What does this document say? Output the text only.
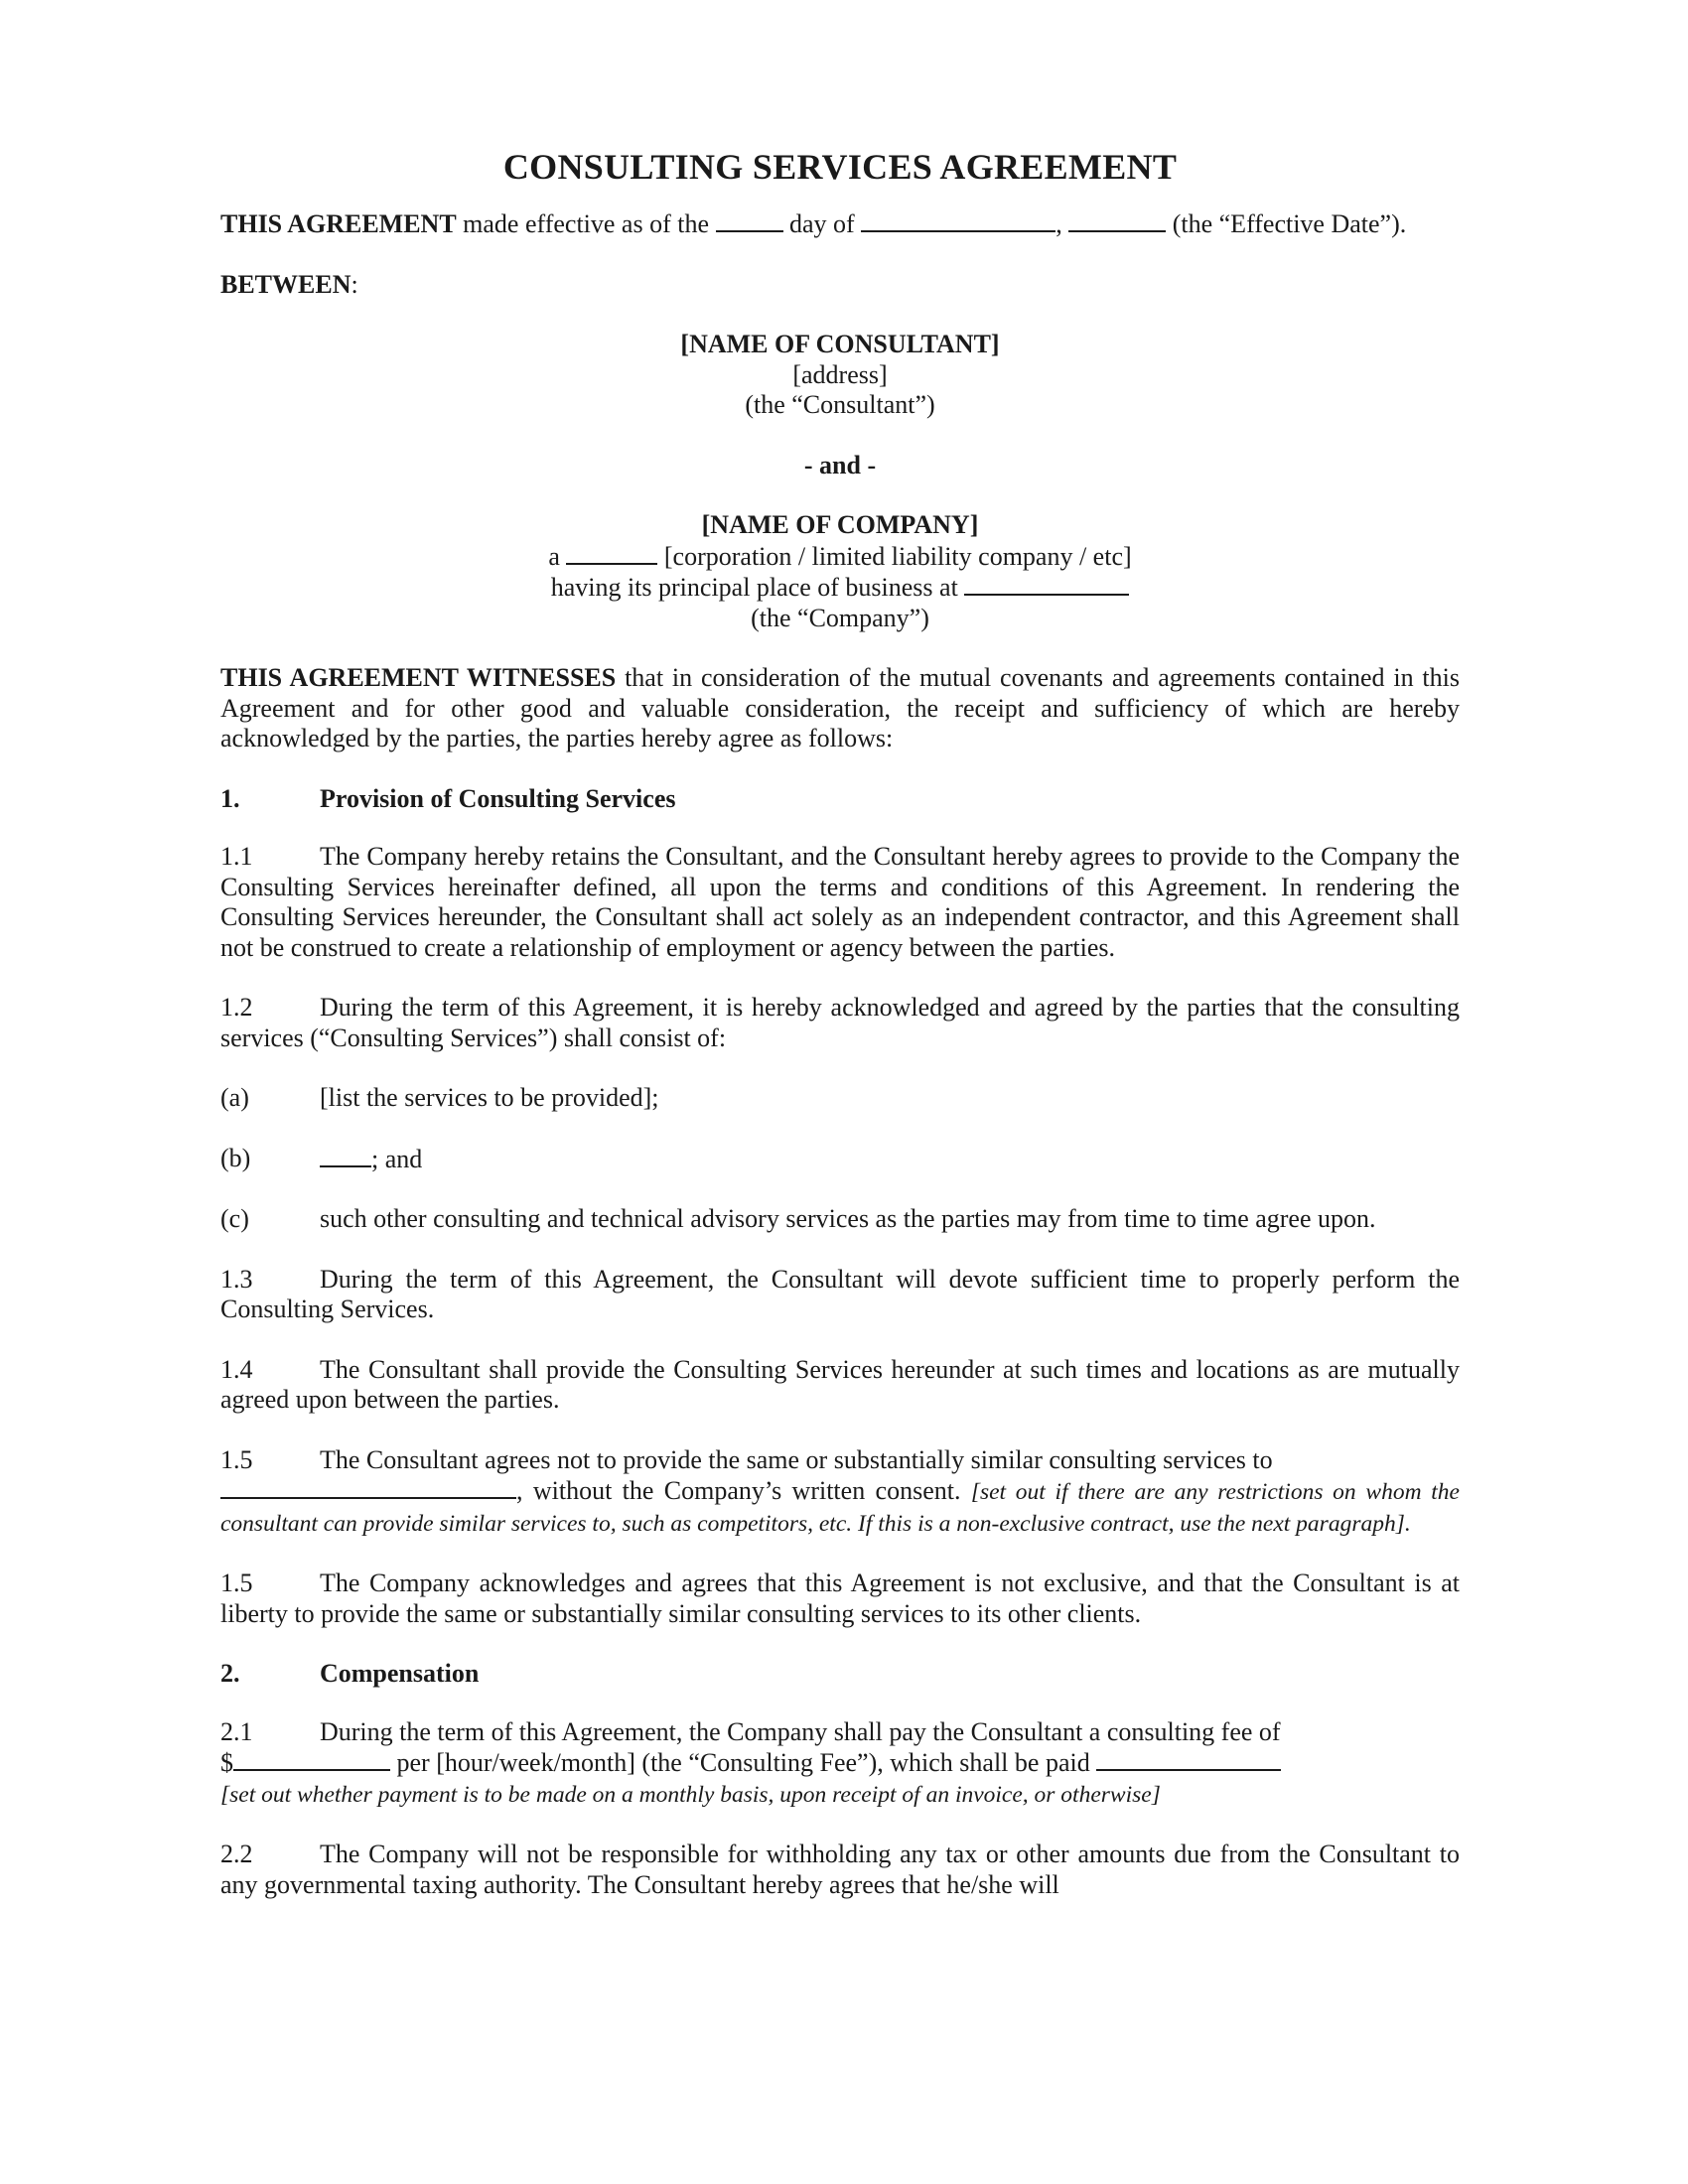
CONSULTING SERVICES AGREEMENT

THIS AGREEMENT made effective as of the	day of	,	(the “Effective Date”).

BETWEEN:

[NAME OF CONSULTANT]

[address]

(the “Consultant”)

- and -

[NAME OF COMPANY]

a	[corporation / limited liability company / etc]

having its principal place of business at

(the “Company”)

THIS AGREEMENT WITNESSES that in consideration of the mutual covenants and agreements contained in this Agreement and for other good and valuable consideration, the receipt and sufficiency of which are hereby acknowledged by the parties, the parties hereby agree as follows:

1.	Provision of Consulting Services

1.1	The Company hereby retains the Consultant, and the Consultant hereby agrees to provide to the Company the Consulting Services hereinafter defined, all upon the terms and conditions of this Agreement. In rendering the Consulting Services hereunder, the Consultant shall act solely as an independent contractor, and this Agreement shall not be construed to create a relationship of employment or agency between the parties.

1.2	During the term of this Agreement, it is hereby acknowledged and agreed by the parties that the consulting services (“Consulting Services”) shall consist of:

(a)	[list the services to be provided];
(b)	; and
(c)	such other consulting and technical advisory services as the parties may from time to time agree upon.

1.3	During the term of this Agreement, the Consultant will devote sufficient time to properly perform the Consulting Services.

1.4	The Consultant shall provide the Consulting Services hereunder at such times and locations as are mutually agreed upon between the parties.

1.5	The Consultant agrees not to provide the same or substantially similar consulting services to
, without the Company’s written consent. [set out if there are any restrictions on whom the consultant can provide similar services to, such as competitors, etc. If this is a non-exclusive contract, use the next paragraph].

1.5	The Company acknowledges and agrees that this Agreement is not exclusive, and that the Consultant is at liberty to provide the same or substantially similar consulting services to its other clients.

2.	Compensation

2.1	During the term of this Agreement, the Company shall pay the Consultant a consulting fee of
$	per [hour/week/month] (the “Consulting Fee”), which shall be paid
[set out whether payment is to be made on a monthly basis, upon receipt of an invoice, or otherwise]

2.2	The Company will not be responsible for withholding any tax or other amounts due from the Consultant to any governmental taxing authority. The Consultant hereby agrees that he/she will
